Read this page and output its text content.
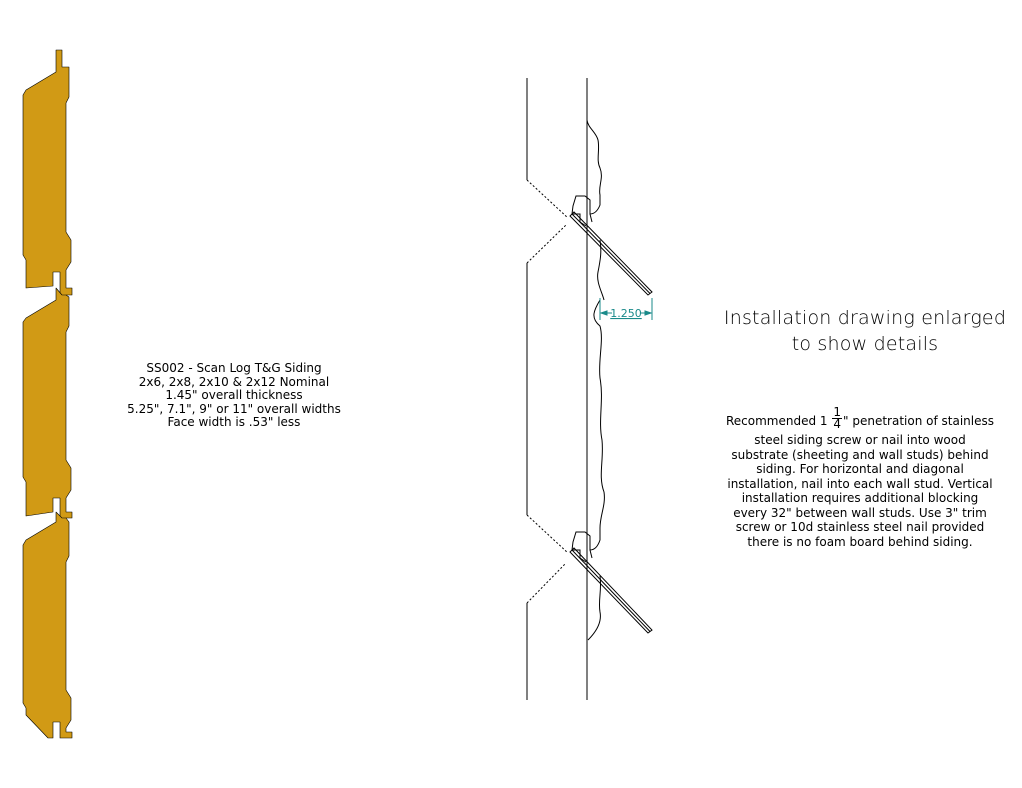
1.250
SS002 - Scan Log T&G Siding
2x6, 2x8, 2x10 & 2x12 Nominal
1.45" overall thickness
5.25", 7.1", 9" or 11" overall widths
Face width is .53" less
Installation drawing enlarged
to show details
Recommended $1 \frac{1}{4}$ " penetration of stainless steel siding screw or nail into wood substrate (sheeting and wall studs) behind siding. For horizontal and diagonal installation, nail into each wall stud. Vertical installation requires additional blocking every 32" between wall studs. Use 3" trim screw or 10d stainless steel nail provided there is no foam board behind siding.
